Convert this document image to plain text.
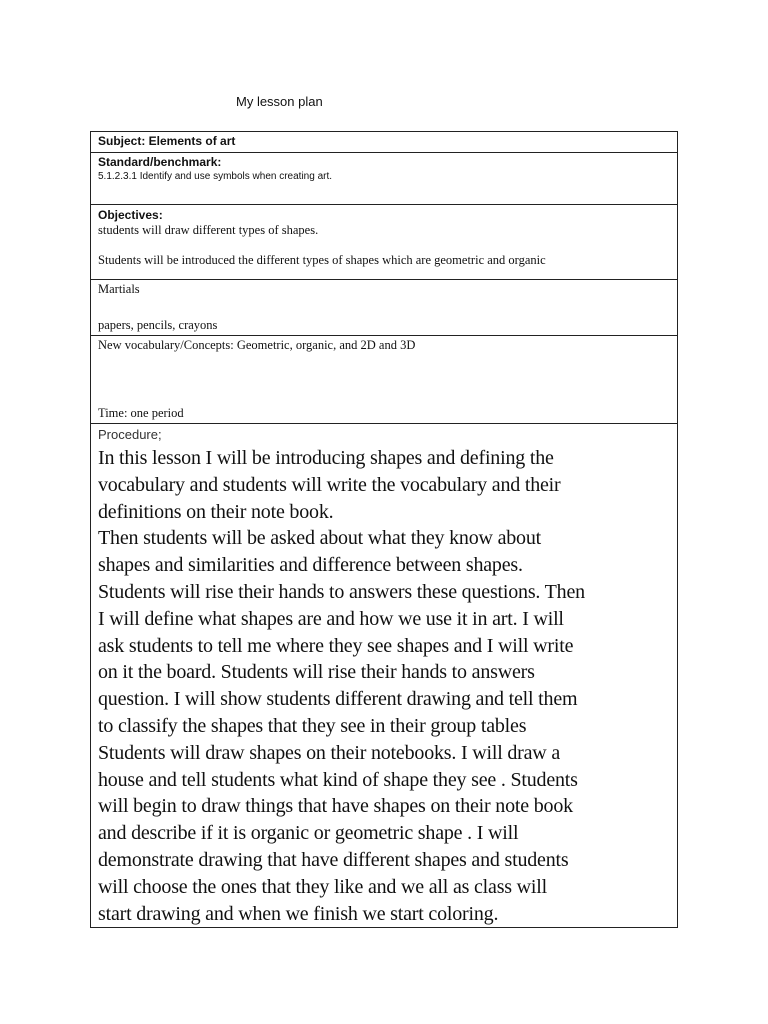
My lesson plan
Subject: Elements of art
Standard/benchmark:
5.1.2.3.1 Identify and use symbols when creating art.
Objectives:
students will draw different types of shapes.
Students will be introduced the different types of shapes which are geometric and organic
Martials
papers, pencils, crayons
New vocabulary/Concepts: Geometric, organic, and 2D and 3D
Time: one period
Procedure;
In this lesson I will be introducing shapes and defining the
vocabulary and students will write the vocabulary and their
definitions on their note book.
Then students will be asked about what they know about
shapes and similarities and difference between shapes.
Students will rise their hands to answers these questions. Then
I will define what shapes are and how we use it in art. I will
ask students to tell me where they see shapes and I will write
on it the board. Students will rise their hands to answers
question. I will show students different drawing and tell them
to classify the shapes that they see in their group tables
Students will draw shapes on their notebooks. I will draw a
house and tell students what kind of shape they see . Students
will begin to draw things that have shapes on their note book
and describe if it is organic or geometric shape . I will
demonstrate drawing that have different shapes and students
will choose the ones that they like and we all as class will
start drawing and when we finish we start coloring.
